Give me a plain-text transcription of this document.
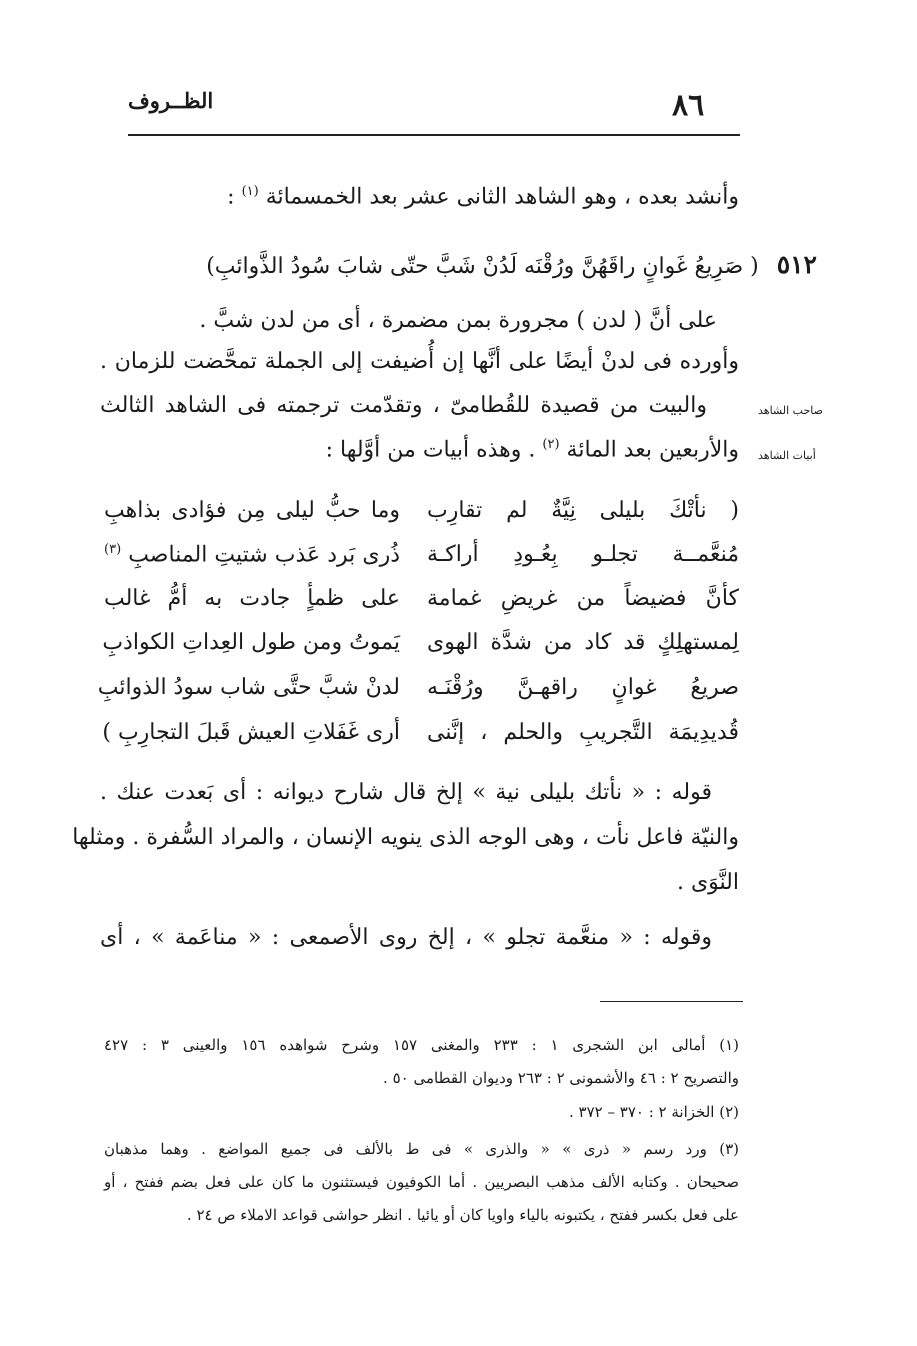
٨٦
الظــروف
وأنشد بعده ، وهو الشاهد الثانى عشر بعد الخمسمائة $^{(١)}$ :
٥١٢( صَرِيعُ غَوانٍ راقَهُنَّ ورُقْنَه لَدُنْ شَبَّ حتّى شابَ سُودُ الذَّوائبِ)
على أنَّ ( لدن ) مجرورة بمن مضمرة ، أى من لدن شبَّ .
وأورده فى لدنْ أيضًا على أنَّها إن أُضيفت إلى الجملة تمحَّضت للزمان .
والبيت من قصيدة للقُطامىّ ، وتقدّمت ترجمته فى الشاهد الثالث
والأربعين بعد المائة $^{(٢)}$ . وهذه أبيات من أوَّلها :
صاحب الشاهد
أبيات الشاهد
( نأتْكَ بليلى نِيَّةٌ لم تقارِب
وما حبُّ ليلى مِن فؤادى بذاهبِ
مُنعَّمــة تجلـو بِعُـودِ أراكـة
ذُرى بَرد عَذب شتيتِ المناصبِ $^{(٣)}$
كأنَّ فضيضاً من غريضِ غمامة
على ظمأٍ جادت به أمُّ غالب
لِمستهلِكٍ قد كاد من شدَّة الهوى
يَموتُ ومن طول العِداتِ الكواذبِ
صريعُ غوانٍ راقهـنَّ ورُقْنَـه
لدنْ شبَّ حتَّى شاب سودُ الذوائبِ
قُديدِيمَة التَّجريبِ والحلم ، إنَّنى
أرى غَفَلاتِ العيش قَبلَ التجارِبِ )
قوله : « نأتك بليلى نية » إلخ قال شارح ديوانه : أى بَعدت عنك .
والنيّة فاعل نأت ، وهى الوجه الذى ينويه الإنسان ، والمراد السُّفرة . ومثلها
النَّوَى .
وقوله : « منعَّمة تجلو » ، إلخ روى الأصمعى : « مناعَمة » ، أى
(١) أمالى ابن الشجرى ١ : ٢٣٣ والمغنى ١٥٧ وشرح شواهده ١٥٦ والعينى ٣ : ٤٢٧
والتصريح ٢ : ٤٦ والأشمونى ٢ : ٢٦٣ وديوان القطامى ٥٠ .
(٢) الخزانة ٢ : ٣٧٠ – ٣٧٢ .
(٣) ورد رسم « ذرى » « والذرى » فى ط بالألف فى جميع المواضع . وهما مذهبان
صحيحان . وكتابه الألف مذهب البصريين . أما الكوفيون فيستثنون ما كان على فعل بضم ففتح ، أو
على فعل بكسر ففتح ، يكتبونه بالياء واويا كان أو يائيا . انظر حواشى قواعد الاملاء ص ٢٤ .
